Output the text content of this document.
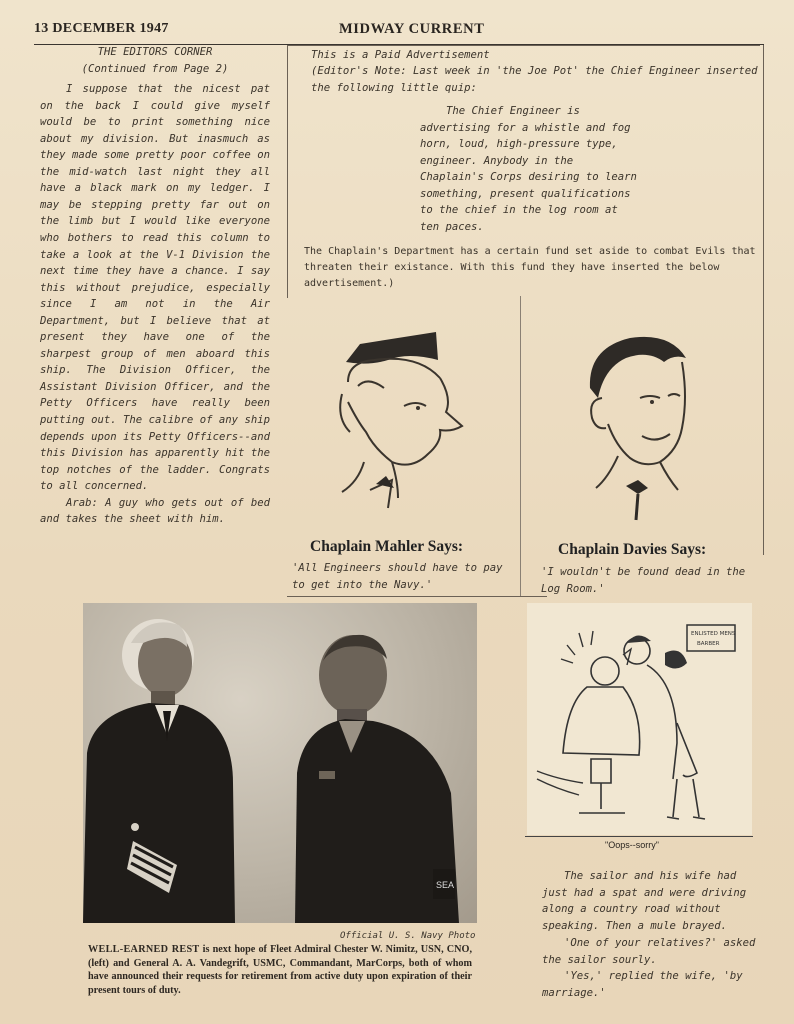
13 DECEMBER 1947	MIDWAY CURRENT
THE EDITORS CORNER
(Continued from Page 2)
I suppose that the nicest pat on the back I could give myself would be to print something nice about my division. But inasmuch as they made some pretty poor coffee on the mid-watch last night they all have a black mark on my ledger. I may be stepping pretty far out on the limb but I would like everyone who bothers to read this column to take a look at the V-1 Division the next time they have a chance. I say this without prejudice, especially since I am not in the Air Department, but I believe that at present they have one of the sharpest group of men aboard this ship. The Division Officer, the Assistant Division Officer, and the Petty Officers have really been putting out. The calibre of any ship depends upon its Petty Officers--and this Division has apparently hit the top notches of the ladder. Congrats to all concerned.
Arab: A guy who gets out of bed and takes the sheet with him.
This is a Paid Advertisement
(Editor's Note: Last week in 'the Joe Pot' the Chief Engineer inserted the following little quip:
The Chief Engineer is advertising for a whistle and fog horn, loud, high-pressure type, engineer. Anybody in the Chaplain's Corps desiring to learn something, present qualifications to the chief in the log room at ten paces.
The Chaplain's Department has a certain fund set aside to combat Evils that threaten their existance. With this fund they have inserted the below advertisement.)
Chaplain Mahler Says:
'All Engineers should have to pay to get into the Navy.'
Chaplain Davies Says:
'I wouldn't be found dead in the Log Room.'
SEA
Official U. S. Navy Photo
WELL-EARNED REST is next hope of Fleet Admiral Chester W. Nimitz, USN, CNO, (left) and General A. A. Vandegrift, USMC, Commandant, MarCorps, both of whom have announced their requests for retirement from active duty upon expiration of their present tours of duty.
ENLISTED MENS
BARBER
"Oops--sorry"

The sailor and his wife had just had a spat and were driving along a country road without speaking. Then a mule brayed.

'One of your relatives?' asked the sailor sourly.

'Yes,' replied the wife, 'by marriage.'
